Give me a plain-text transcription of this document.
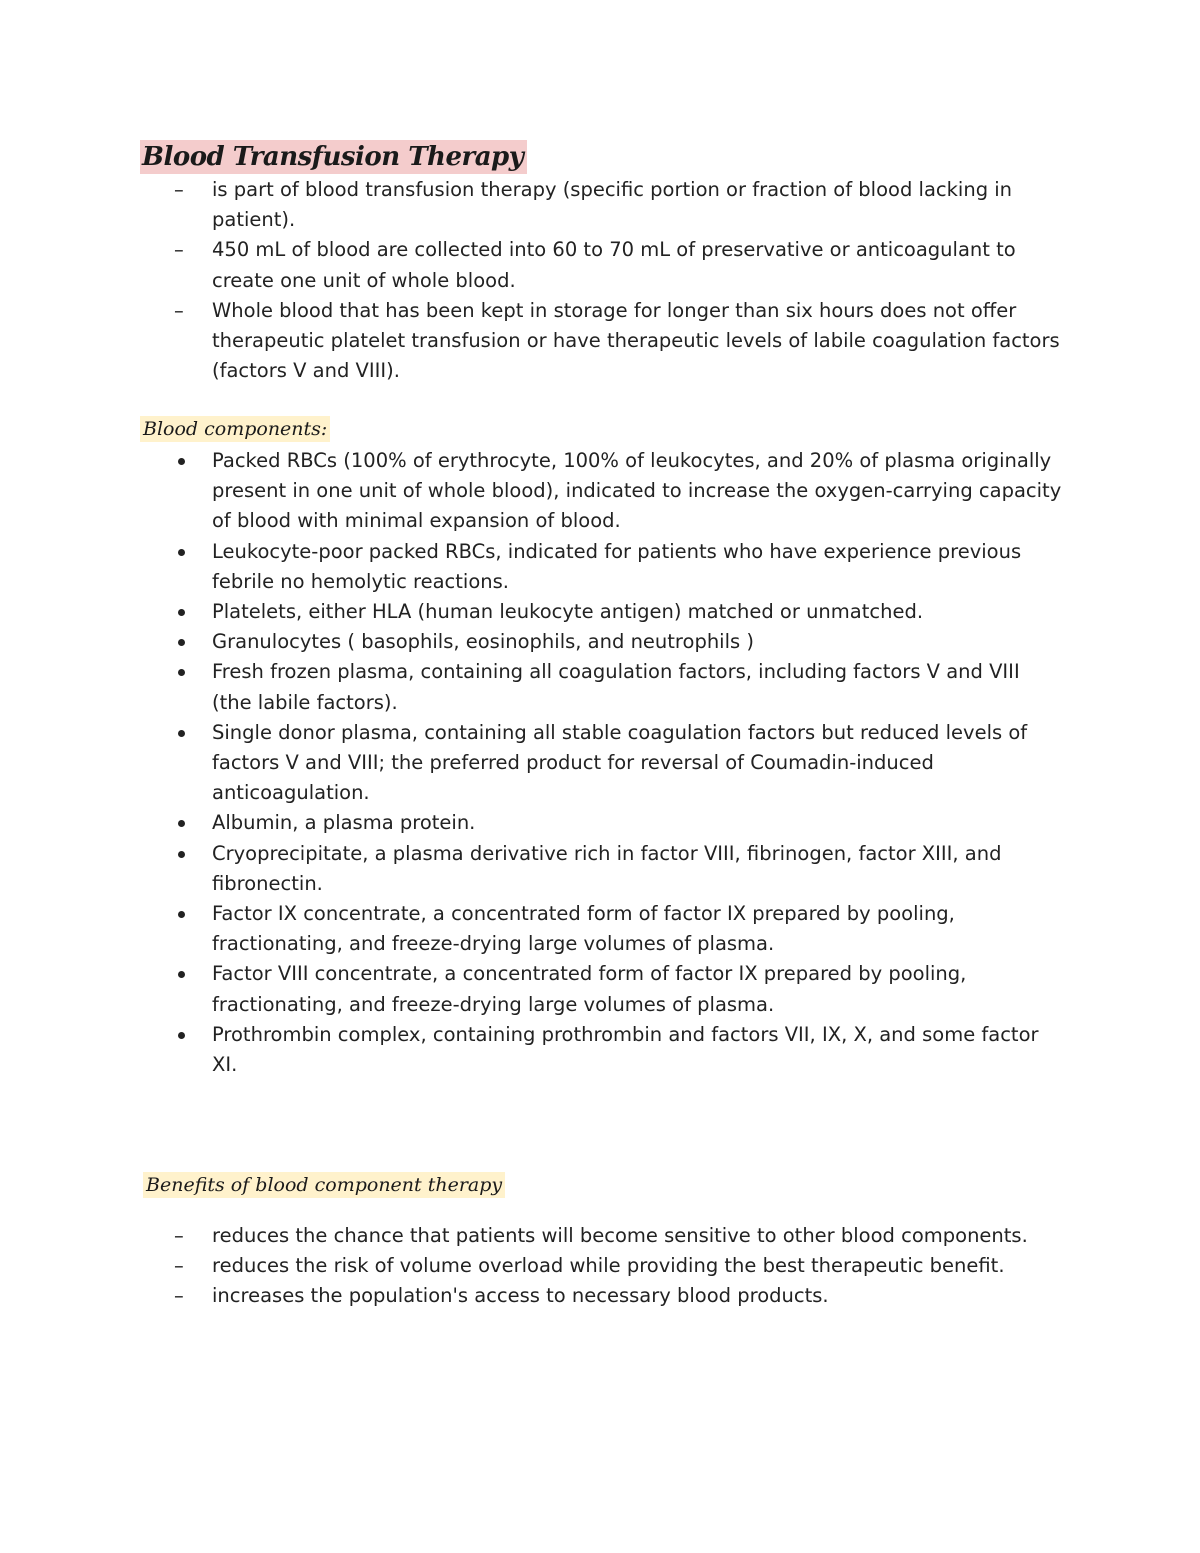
Blood Transfusion Therapy
–
is part of blood transfusion therapy (specific portion or fraction of blood lacking in patient).
–
450 mL of blood are collected into 60 to 70 mL of preservative or anticoagulant to create one unit of whole blood.
–
Whole blood that has been kept in storage for longer than six hours does not offer therapeutic platelet transfusion or have therapeutic levels of labile coagulation factors (factors V and VIII).
Blood components:
Packed RBCs (100% of erythrocyte, 100% of leukocytes, and 20% of plasma originally present in one unit of whole blood), indicated to increase the oxygen-carrying capacity of blood with minimal expansion of blood.
Leukocyte-poor packed RBCs, indicated for patients who have experience previous febrile no hemolytic reactions.
Platelets, either HLA (human leukocyte antigen) matched or unmatched.
Granulocytes ( basophils, eosinophils, and neutrophils )
Fresh frozen plasma, containing all coagulation factors, including factors V and VIII (the labile factors).
Single donor plasma, containing all stable coagulation factors but reduced levels of factors V and VIII; the preferred product for reversal of Coumadin-induced anticoagulation.
Albumin, a plasma protein.
Cryoprecipitate, a plasma derivative rich in factor VIII, fibrinogen, factor XIII, and fibronectin.
Factor IX concentrate, a concentrated form of factor IX prepared by pooling, fractionating, and freeze-drying large volumes of plasma.
Factor VIII concentrate, a concentrated form of factor IX prepared by pooling, fractionating, and freeze-drying large volumes of plasma.
Prothrombin complex, containing prothrombin and factors VII, IX, X, and some factor XI.
Benefits of blood component therapy
–
reduces the chance that patients will become sensitive to other blood components.
–
reduces the risk of volume overload while providing the best therapeutic benefit.
–
increases the population's access to necessary blood products.
